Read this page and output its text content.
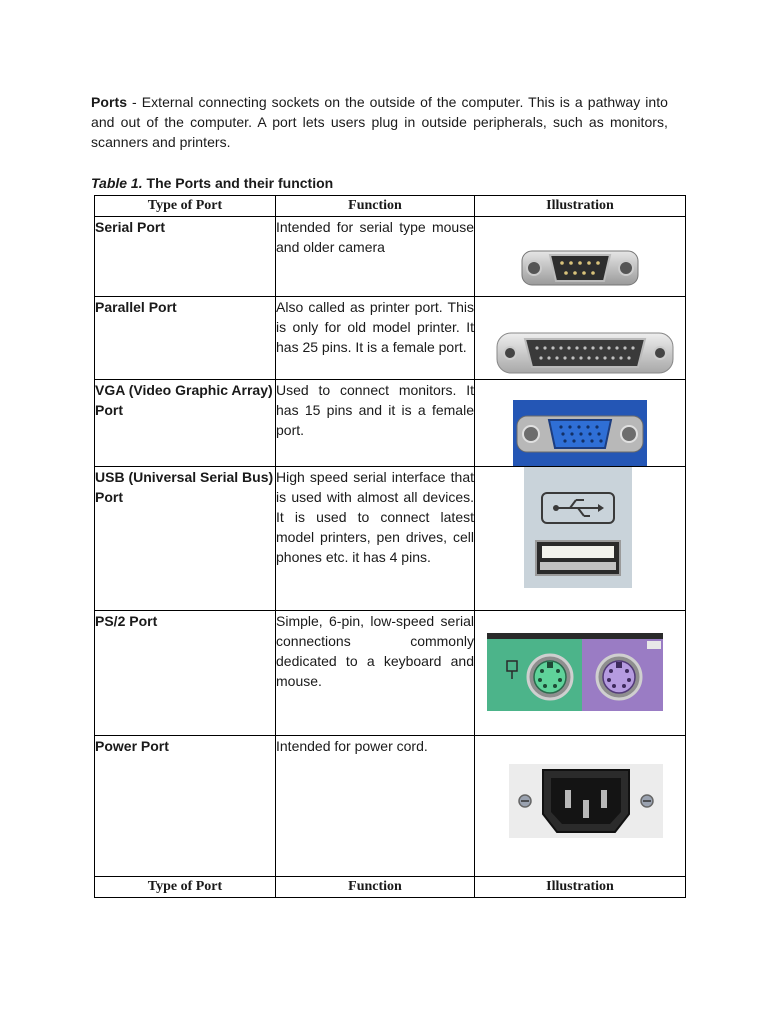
Ports - External connecting sockets on the outside of the computer. This is a pathway into and out of the computer. A port lets users plug in outside peripherals, such as monitors, scanners and printers.

Table 1. The Ports and their function
Type of Port	Function	Illustration
Serial Port	Intended for serial type mouse and older camera	

Parallel Port	Also called as printer port. This is only for old model printer. It has 25 pins. It is a female port.	

VGA (Video Graphic Array) Port	Used to connect monitors. It has 15 pins and it is a female port.	

USB (Universal Serial Bus) Port	High speed serial interface that is used with almost all devices. It is used to connect latest model printers, pen drives, cell phones etc. it has 4 pins.	

PS/2 Port	Simple, 6-pin, low-speed serial connections commonly dedicated to a keyboard and mouse.	

Power Port	Intended for power cord.	

Type of Port	Function	Illustration
